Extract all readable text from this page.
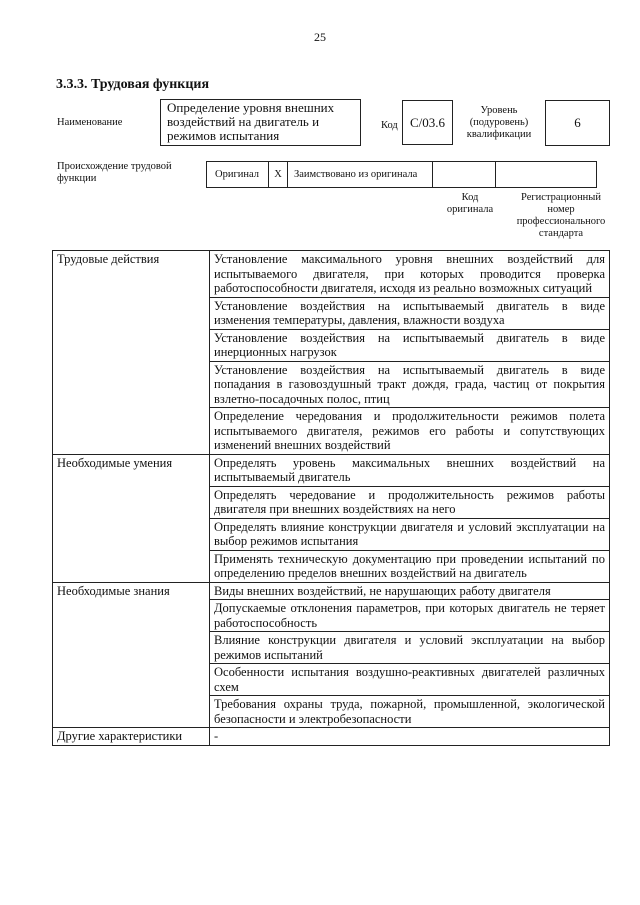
25
3.3.3. Трудовая функция
Наименование
Определение уровня внешних воздействий на двигатель и режимов испытания
Код С/03.6
Уровень (подуровень) квалификации
6
Происхождение трудовой функции	Оригинал	Х	Заимствовано из оригинала
Код оригинала
Регистрационный номер профессионального стандарта
Трудовые действия	Установление максимального уровня внешних воздействий для испытываемого двигателя, при которых проводится проверка работоспособности двигателя, исходя из реально возможных ситуаций
	Установление воздействия на испытываемый двигатель в виде изменения температуры, давления, влажности воздуха
	Установление воздействия на испытываемый двигатель в виде инерционных нагрузок
	Установление воздействия на испытываемый двигатель в виде попадания в газовоздушный тракт дождя, града, частиц от покрытия взлетно-посадочных полос, птиц
	Определение чередования и продолжительности режимов полета испытываемого двигателя, режимов его работы и сопутствующих изменений внешних воздействий
Необходимые умения	Определять уровень максимальных внешних воздействий на испытываемый двигатель
	Определять чередование и продолжительность режимов работы двигателя при внешних воздействиях на него
	Определять влияние конструкции двигателя и условий эксплуатации на выбор режимов испытания
	Применять техническую документацию при проведении испытаний по определению пределов внешних воздействий на двигатель
Необходимые знания	Виды внешних воздействий, не нарушающих работу двигателя
	Допускаемые отклонения параметров, при которых двигатель не теряет работоспособность
	Влияние конструкции двигателя и условий эксплуатации на выбор режимов испытаний
	Особенности испытания воздушно-реактивных двигателей различных схем
	Требования охраны труда, пожарной, промышленной, экологической безопасности и электробезопасности
Другие характеристики	-
